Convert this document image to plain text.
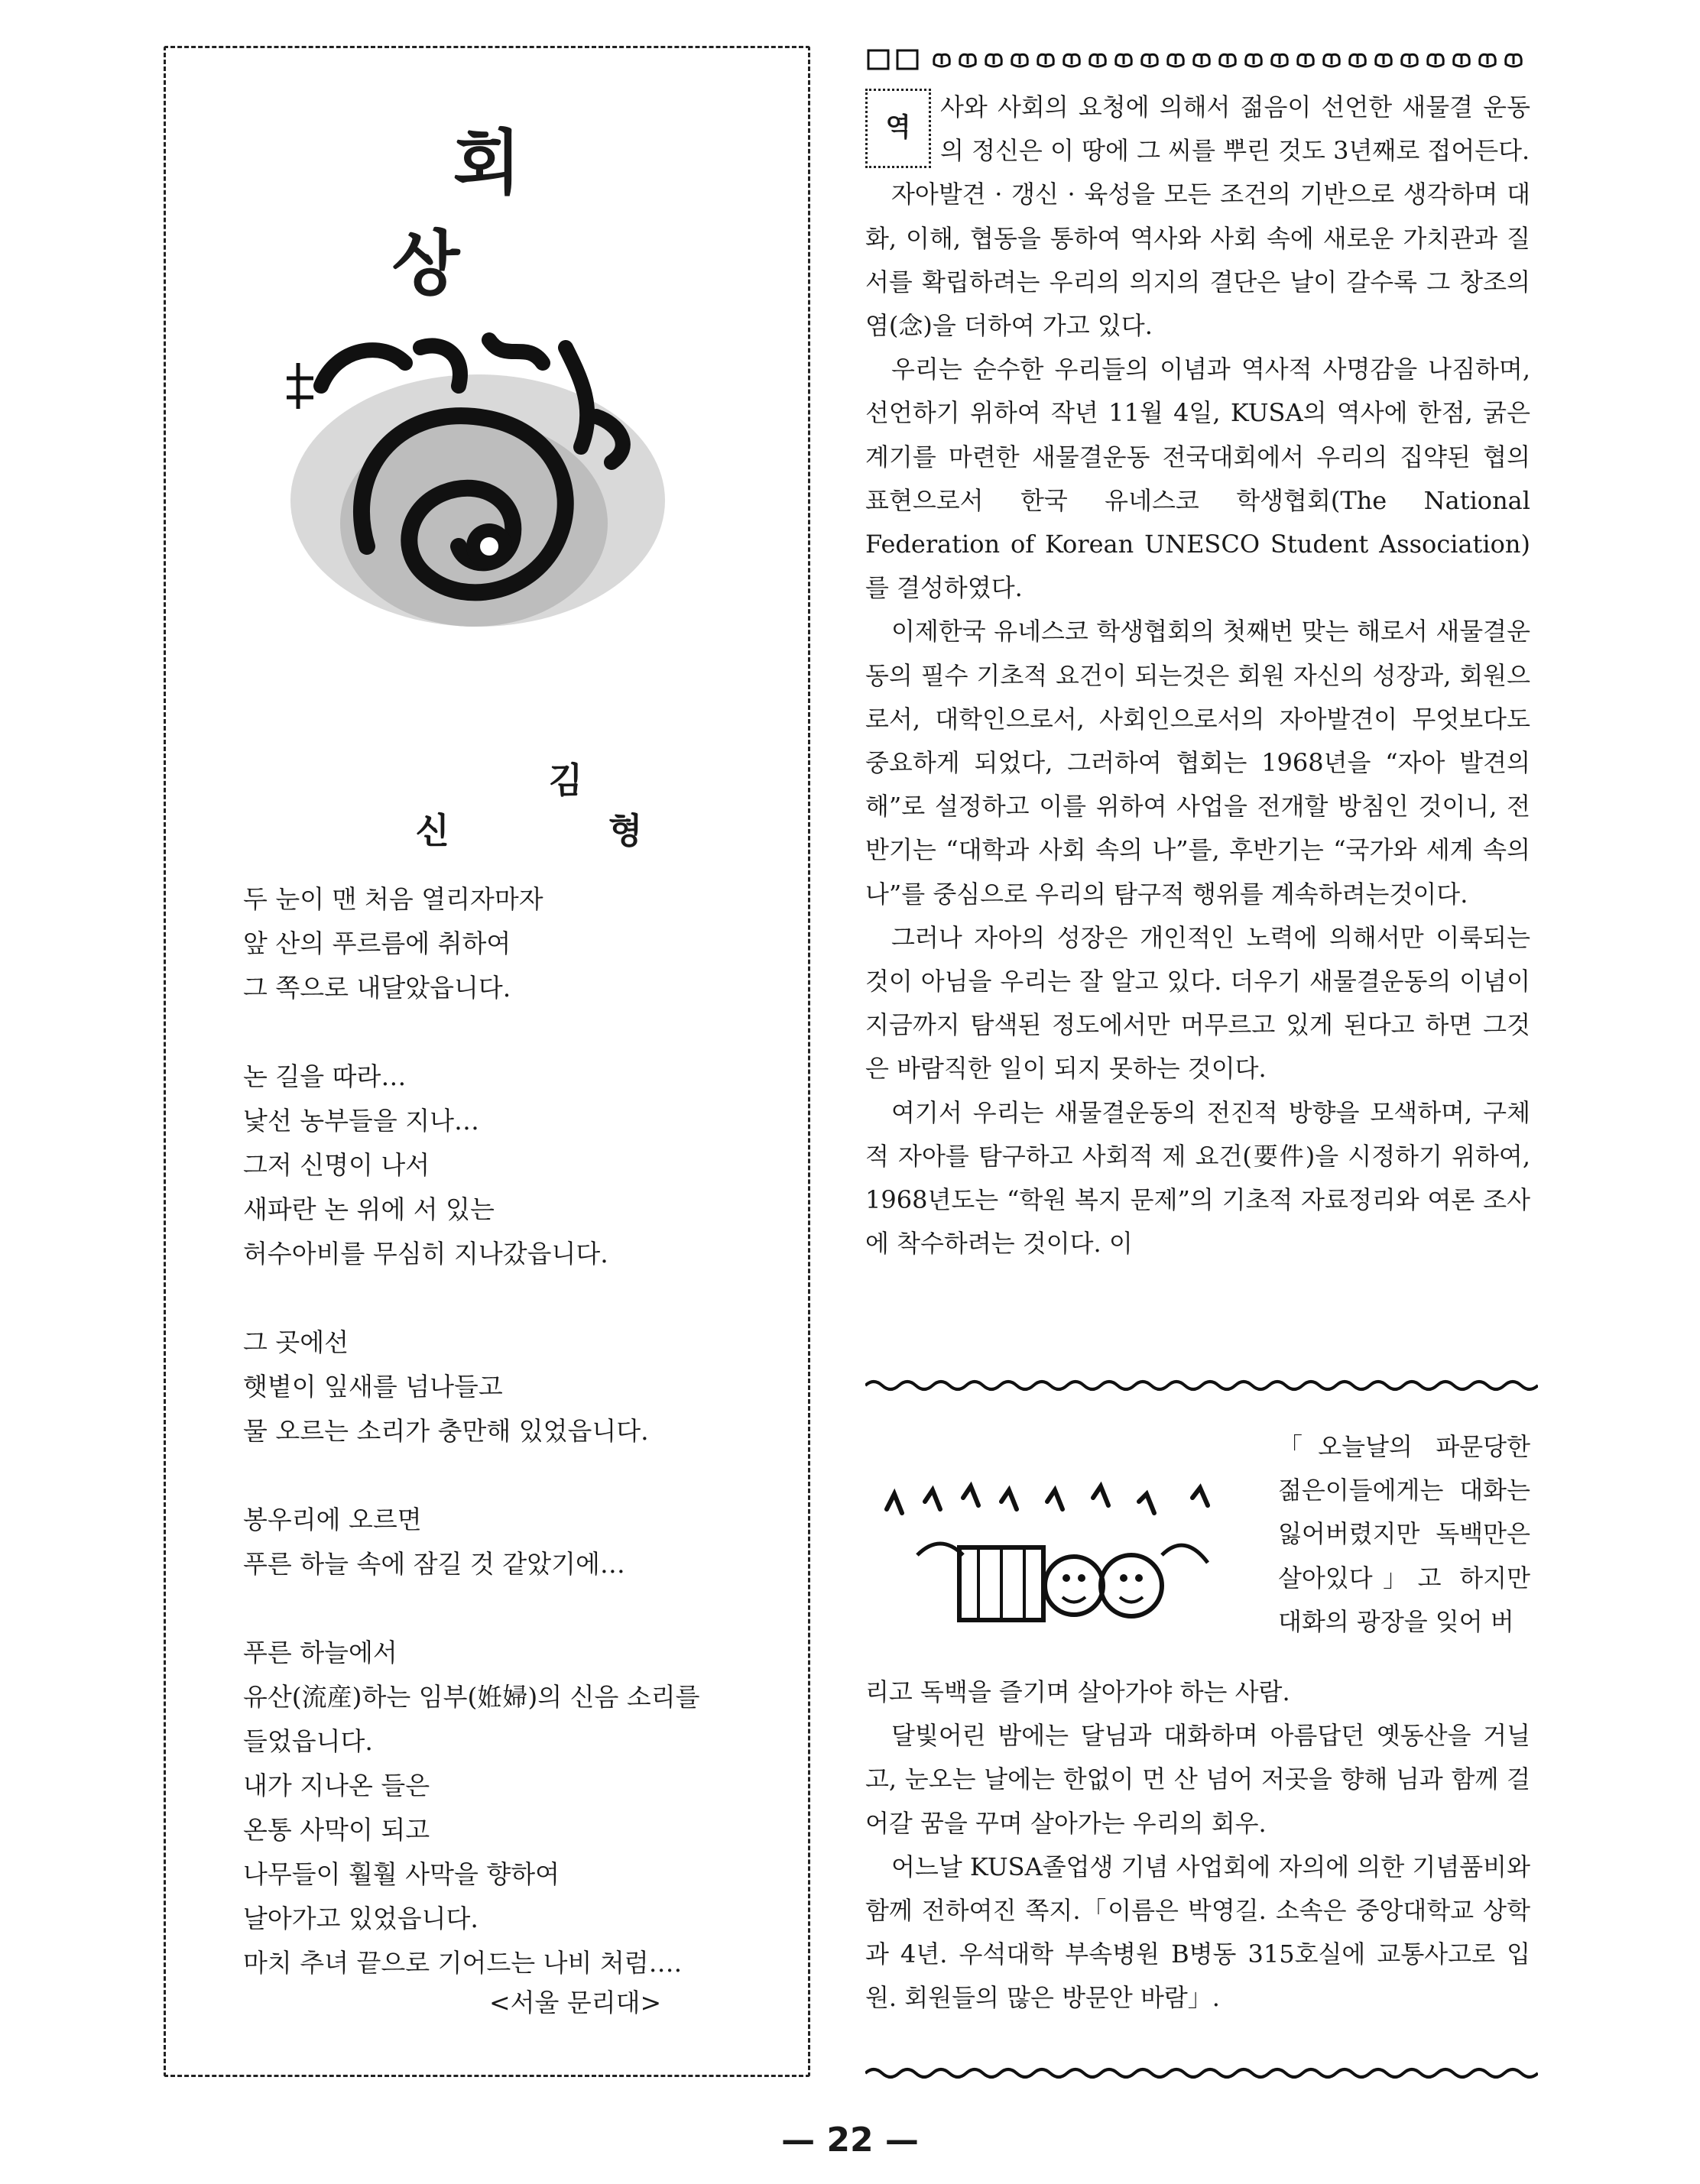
회 상
김 신 형
두 눈이 맨 처음 열리자마자
앞 산의 푸르름에 취하여
그 쪽으로 내달았읍니다.
논 길을 따라…
낯선 농부들을 지나…
그저 신명이 나서
새파란 논 위에 서 있는
허수아비를 무심히 지나갔읍니다.
그 곳에선
햇볕이 잎새를 넘나들고
물 오르는 소리가 충만해 있었읍니다.
봉우리에 오르면
푸른 하늘 속에 잠길 것 같았기에…
푸른 하늘에서
유산(流産)하는 임부(姙婦)의 신음 소리를
들었읍니다.
내가 지나온 들은
온통 사막이 되고
나무들이 훨훨 사막을 향하여
날아가고 있었읍니다.
마치 추녀 끝으로 기어드는 나비 처럼….
<서울 문리대>

역
사와 사회의 요청에 의해서 젊음이 선언한 새물결 운동의 정신은 이 땅에 그 씨를 뿌린 것도 3년째로 접어든다.

자아발견 · 갱신 · 육성을 모든 조건의 기반으로 생각하며 대화, 이해, 협동을 통하여 역사와 사회 속에 새로운 가치관과 질서를 확립하려는 우리의 의지의 결단은 날이 갈수록 그 창조의 염(念)을 더하여 가고 있다.

우리는 순수한 우리들의 이념과 역사적 사명감을 나짐하며, 선언하기 위하여 작년 11월 4일, KUSA의 역사에 한점, 굵은 계기를 마련한 새물결운동 전국대회에서 우리의 집약된 협의 표현으로서 한국 유네스코 학생협회(The National Federation of Korean UNESCO Student Association)를 결성하였다.

이제한국 유네스코 학생협회의 첫째번 맞는 해로서 새물결운동의 필수 기초적 요건이 되는것은 회원 자신의 성장과, 회원으로서, 대학인으로서, 사회인으로서의 자아발견이 무엇보다도 중요하게 되었다, 그러하여 협회는 1968년을 “자아 발견의 해”로 설정하고 이를 위하여 사업을 전개할 방침인 것이니, 전반기는 “대학과 사회 속의 나”를, 후반기는 “국가와 세계 속의 나”를 중심으로 우리의 탐구적 행위를 계속하려는것이다.

그러나 자아의 성장은 개인적인 노력에 의해서만 이룩되는 것이 아님을 우리는 잘 알고 있다. 더우기 새물결운동의 이념이 지금까지 탐색된 정도에서만 머무르고 있게 된다고 하면 그것은 바람직한 일이 되지 못하는 것이다.

여기서 우리는 새물결운동의 전진적 방향을 모색하며, 구체적 자아를 탐구하고 사회적 제 요건(要件)을 시정하기 위하여, 1968년도는 “학원 복지 문제”의 기초적 자료정리와 여론 조사에 착수하려는 것이다. 이

「오늘날의 파문당한 젊은이들에게는 대화는 잃어버렸지만 독백만은 살아있다」고 하지만 대화의 광장을 잊어 버

리고 독백을 즐기며 살아가야 하는 사람.

달빛어린 밤에는 달님과 대화하며 아름답던 옛동산을 거닐고, 눈오는 날에는 한없이 먼 산 넘어 저곳을 향해 님과 함께 걸어갈 꿈을 꾸며 살아가는 우리의 회우.

어느날 KUSA졸업생 기념 사업회에 자의에 의한 기념품비와 함께 전하여진 쪽지.「이름은 박영길. 소속은 중앙대학교 상학과 4년. 우석대학 부속병원 B병동 315호실에 교통사고로 입원. 회원들의 많은 방문안 바람」.

— 22 —
